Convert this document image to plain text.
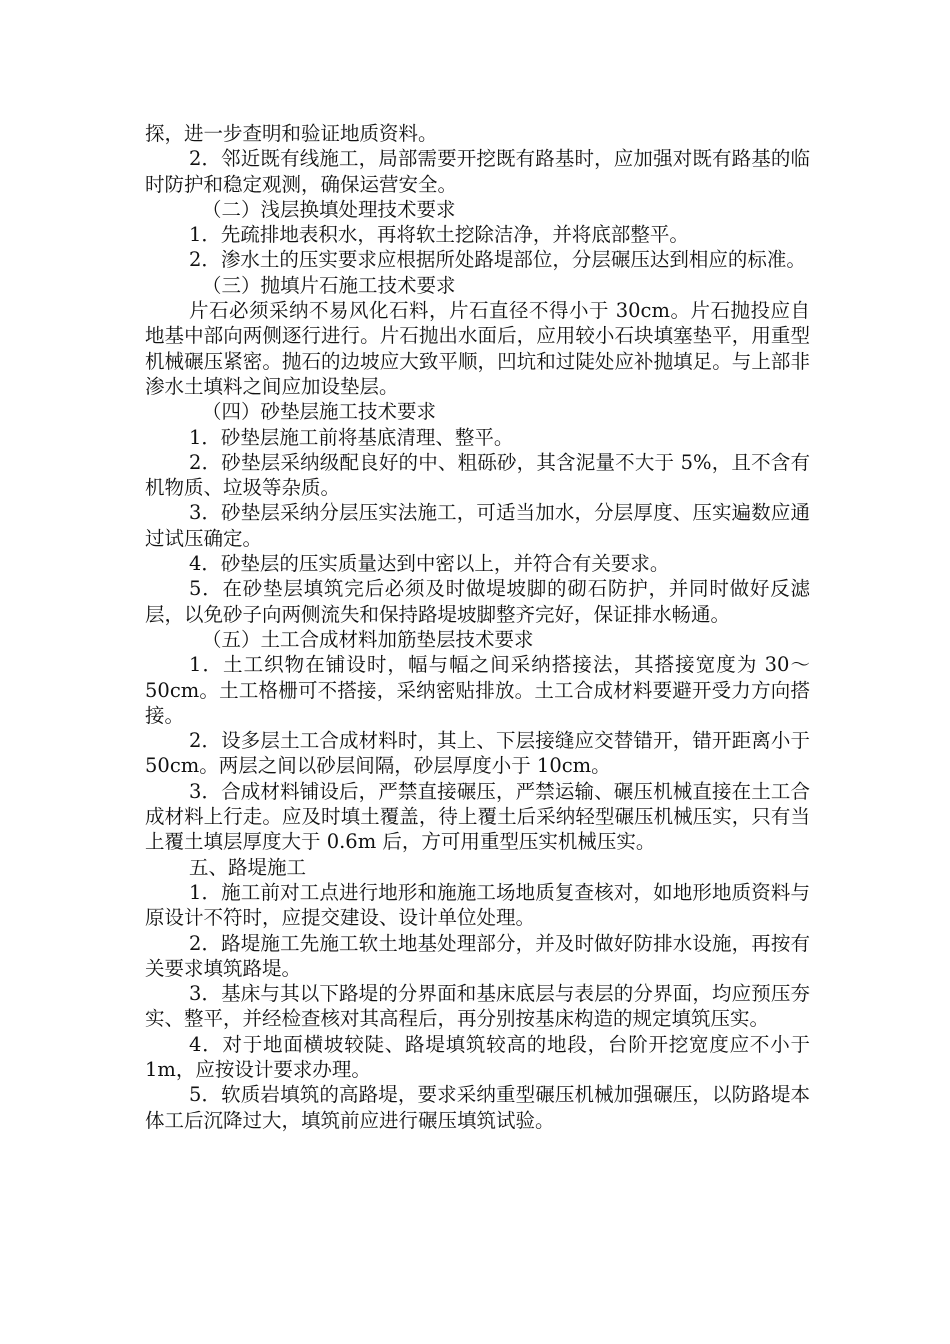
探，进一步查明和验证地质资料。

2．邻近既有线施工，局部需要开挖既有路基时，应加强对既有路基的临时防护和稳定观测，确保运营安全。

（二）浅层换填处理技术要求

1．先疏排地表积水，再将软土挖除洁净，并将底部整平。

2．渗水土的压实要求应根据所处路堤部位，分层碾压达到相应的标准。

（三）抛填片石施工技术要求

片石必须采纳不易风化石料，片石直径不得小于 30cm。片石抛投应自地基中部向两侧逐行进行。片石抛出水面后，应用较小石块填塞垫平，用重型机械碾压紧密。抛石的边坡应大致平顺，凹坑和过陡处应补抛填足。与上部非渗水土填料之间应加设垫层。

（四）砂垫层施工技术要求

1．砂垫层施工前将基底清理、整平。

2．砂垫层采纳级配良好的中、粗砾砂，其含泥量不大于 5%，且不含有机物质、垃圾等杂质。

3．砂垫层采纳分层压实法施工，可适当加水，分层厚度、压实遍数应通过试压确定。

4．砂垫层的压实质量达到中密以上，并符合有关要求。

5．在砂垫层填筑完后必须及时做堤坡脚的砌石防护，并同时做好反滤层，以免砂子向两侧流失和保持路堤坡脚整齐完好，保证排水畅通。

（五）土工合成材料加筋垫层技术要求

1．土工织物在铺设时，幅与幅之间采纳搭接法，其搭接宽度为 30～50cm。土工格栅可不搭接，采纳密贴排放。土工合成材料要避开受力方向搭接。

2．设多层土工合成材料时，其上、下层接缝应交替错开，错开距离小于 50cm。两层之间以砂层间隔，砂层厚度小于 10cm。

3．合成材料铺设后，严禁直接碾压，严禁运输、碾压机械直接在土工合成材料上行走。应及时填土覆盖，待上覆土后采纳轻型碾压机械压实，只有当上覆土填层厚度大于 0.6m 后，方可用重型压实机械压实。

五、路堤施工

1．施工前对工点进行地形和施施工场地质复查核对，如地形地质资料与原设计不符时，应提交建设、设计单位处理。

2．路堤施工先施工软土地基处理部分，并及时做好防排水设施，再按有关要求填筑路堤。

3．基床与其以下路堤的分界面和基床底层与表层的分界面，均应预压夯实、整平，并经检查核对其高程后，再分别按基床构造的规定填筑压实。

4．对于地面横坡较陡、路堤填筑较高的地段，台阶开挖宽度应不小于 1m，应按设计要求办理。

5．软质岩填筑的高路堤，要求采纳重型碾压机械加强碾压，以防路堤本体工后沉降过大，填筑前应进行碾压填筑试验。
